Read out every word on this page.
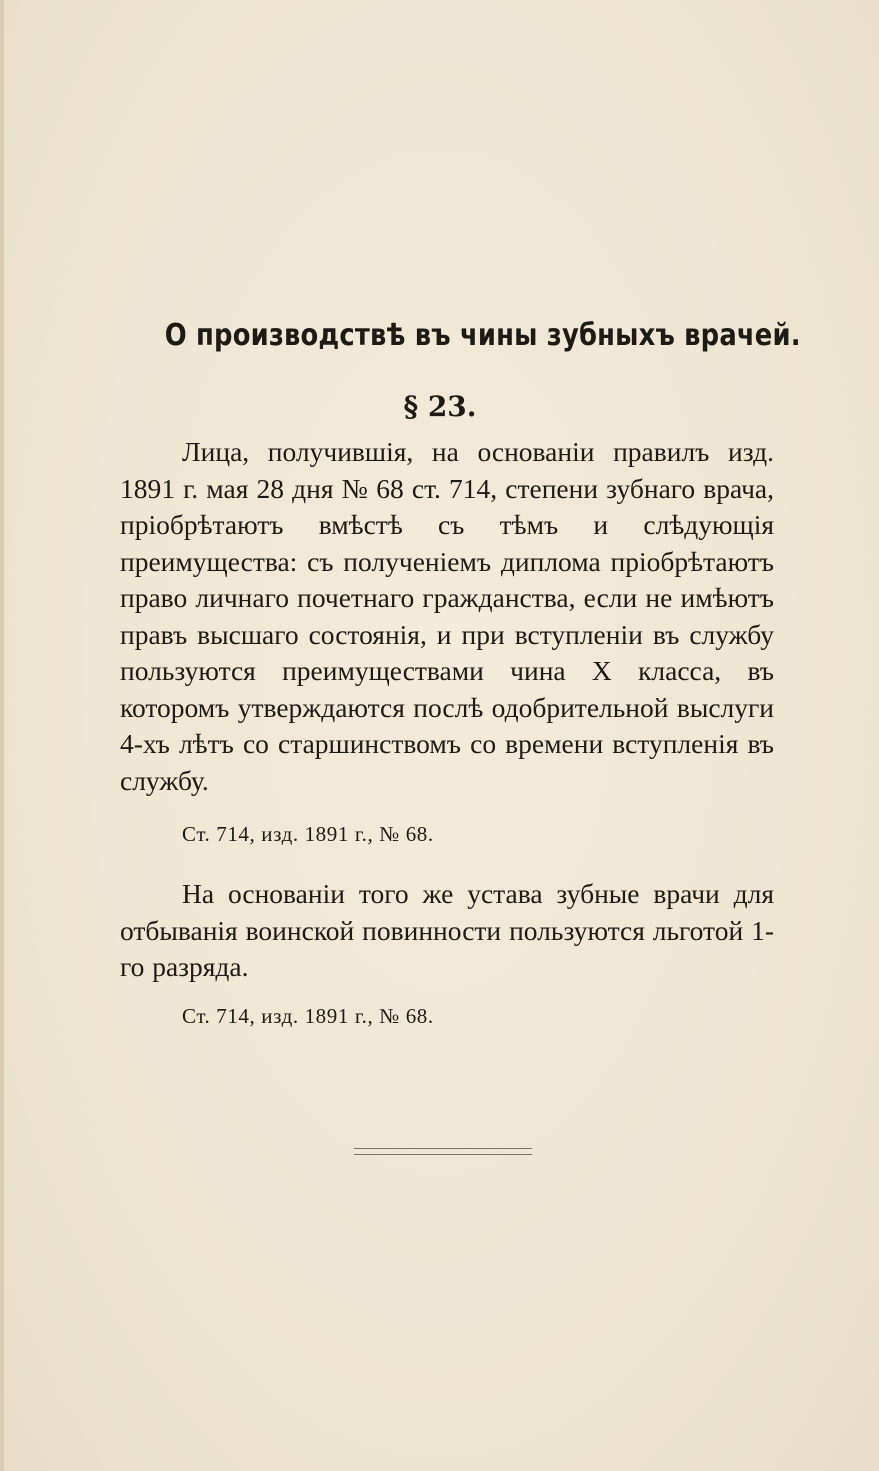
О производствѣ въ чины зубныхъ врачей.
§ 23.

Лица, получившія, на основаніи правилъ изд. 1891 г. мая 28 дня № 68 ст. 714, степени зубнаго врача, пріобрѣтаютъ вмѣстѣ съ тѣмъ и слѣдующія преимущества: съ полученіемъ диплома пріобрѣтаютъ право личнаго почетнаго гражданства, если не имѣютъ правъ высшаго состоянія, и при вступленіи въ службу пользуются преимуществами чина X класса, въ которомъ утверждаются послѣ одобрительной выслуги 4-хъ лѣтъ со старшинствомъ со времени вступленія въ службу.

Ст. 714, изд. 1891 г., № 68.

На основаніи того же устава зубные врачи для отбыванія воинской повинности пользуются льготой 1-го разряда.

Ст. 714, изд. 1891 г., № 68.
